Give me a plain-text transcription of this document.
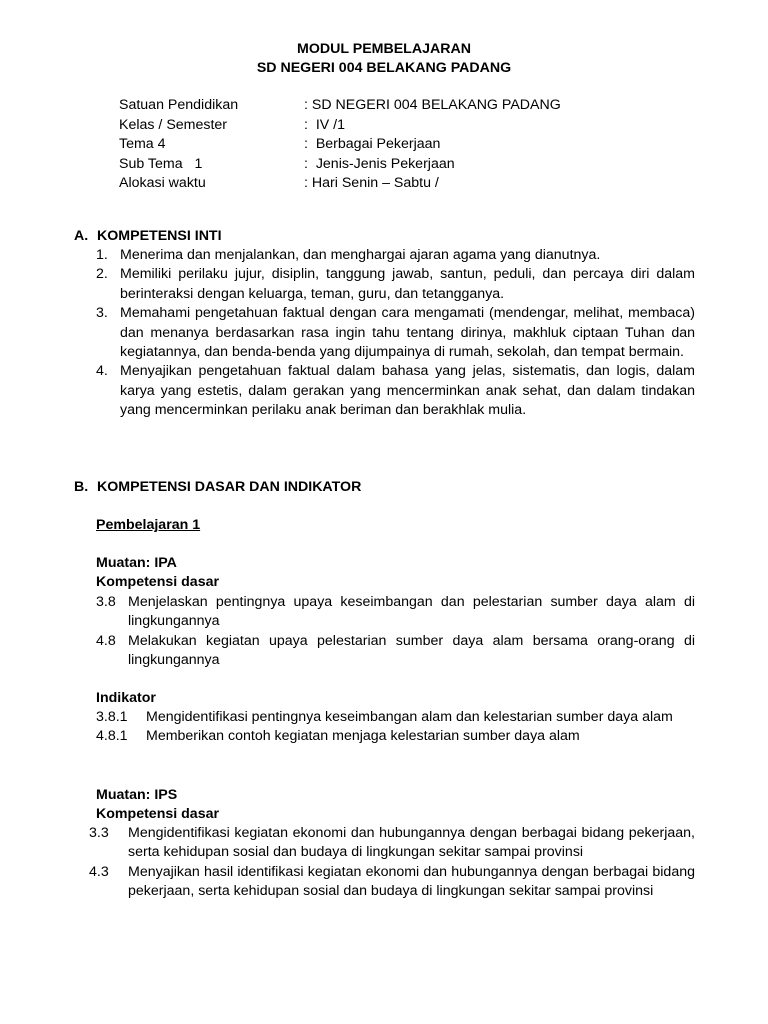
MODUL PEMBELAJARAN
SD NEGERI 004 BELAKANG PADANG
Satuan Pendidikan	: SD NEGERI 004 BELAKANG PADANG
Kelas / Semester	:  IV /1
Tema 4	:  Berbagai Pekerjaan
Sub Tema   1	:  Jenis-Jenis Pekerjaan
Alokasi waktu	: Hari Senin – Sabtu /
A. KOMPETENSI INTI
1. Menerima dan menjalankan, dan menghargai ajaran agama yang dianutnya.
2. Memiliki perilaku jujur, disiplin, tanggung jawab, santun, peduli, dan percaya diri dalam berinteraksi dengan keluarga, teman, guru, dan tetangganya.
3. Memahami pengetahuan faktual dengan cara mengamati (mendengar, melihat, membaca) dan menanya berdasarkan rasa ingin tahu tentang dirinya, makhluk ciptaan Tuhan dan kegiatannya, dan benda-benda yang dijumpainya di rumah, sekolah, dan tempat bermain.
4. Menyajikan pengetahuan faktual dalam bahasa yang jelas, sistematis, dan logis, dalam karya yang estetis, dalam gerakan yang mencerminkan anak sehat, dan dalam tindakan yang mencerminkan perilaku anak beriman dan berakhlak mulia.
B. KOMPETENSI DASAR DAN INDIKATOR
Pembelajaran 1
Muatan: IPA
Kompetensi dasar
3.8 Menjelaskan pentingnya upaya keseimbangan dan pelestarian sumber daya alam di lingkungannya
4.8 Melakukan kegiatan upaya pelestarian sumber daya alam bersama orang-orang di lingkungannya
Indikator
3.8.1 Mengidentifikasi pentingnya keseimbangan alam dan kelestarian sumber daya alam
4.8.1 Memberikan contoh kegiatan menjaga kelestarian sumber daya alam
Muatan: IPS
Kompetensi dasar
3.3 Mengidentifikasi kegiatan ekonomi dan hubungannya dengan berbagai bidang pekerjaan, serta kehidupan sosial dan budaya di lingkungan sekitar sampai provinsi
4.3 Menyajikan hasil identifikasi kegiatan ekonomi dan hubungannya dengan berbagai bidang pekerjaan, serta kehidupan sosial dan budaya di lingkungan sekitar sampai provinsi
